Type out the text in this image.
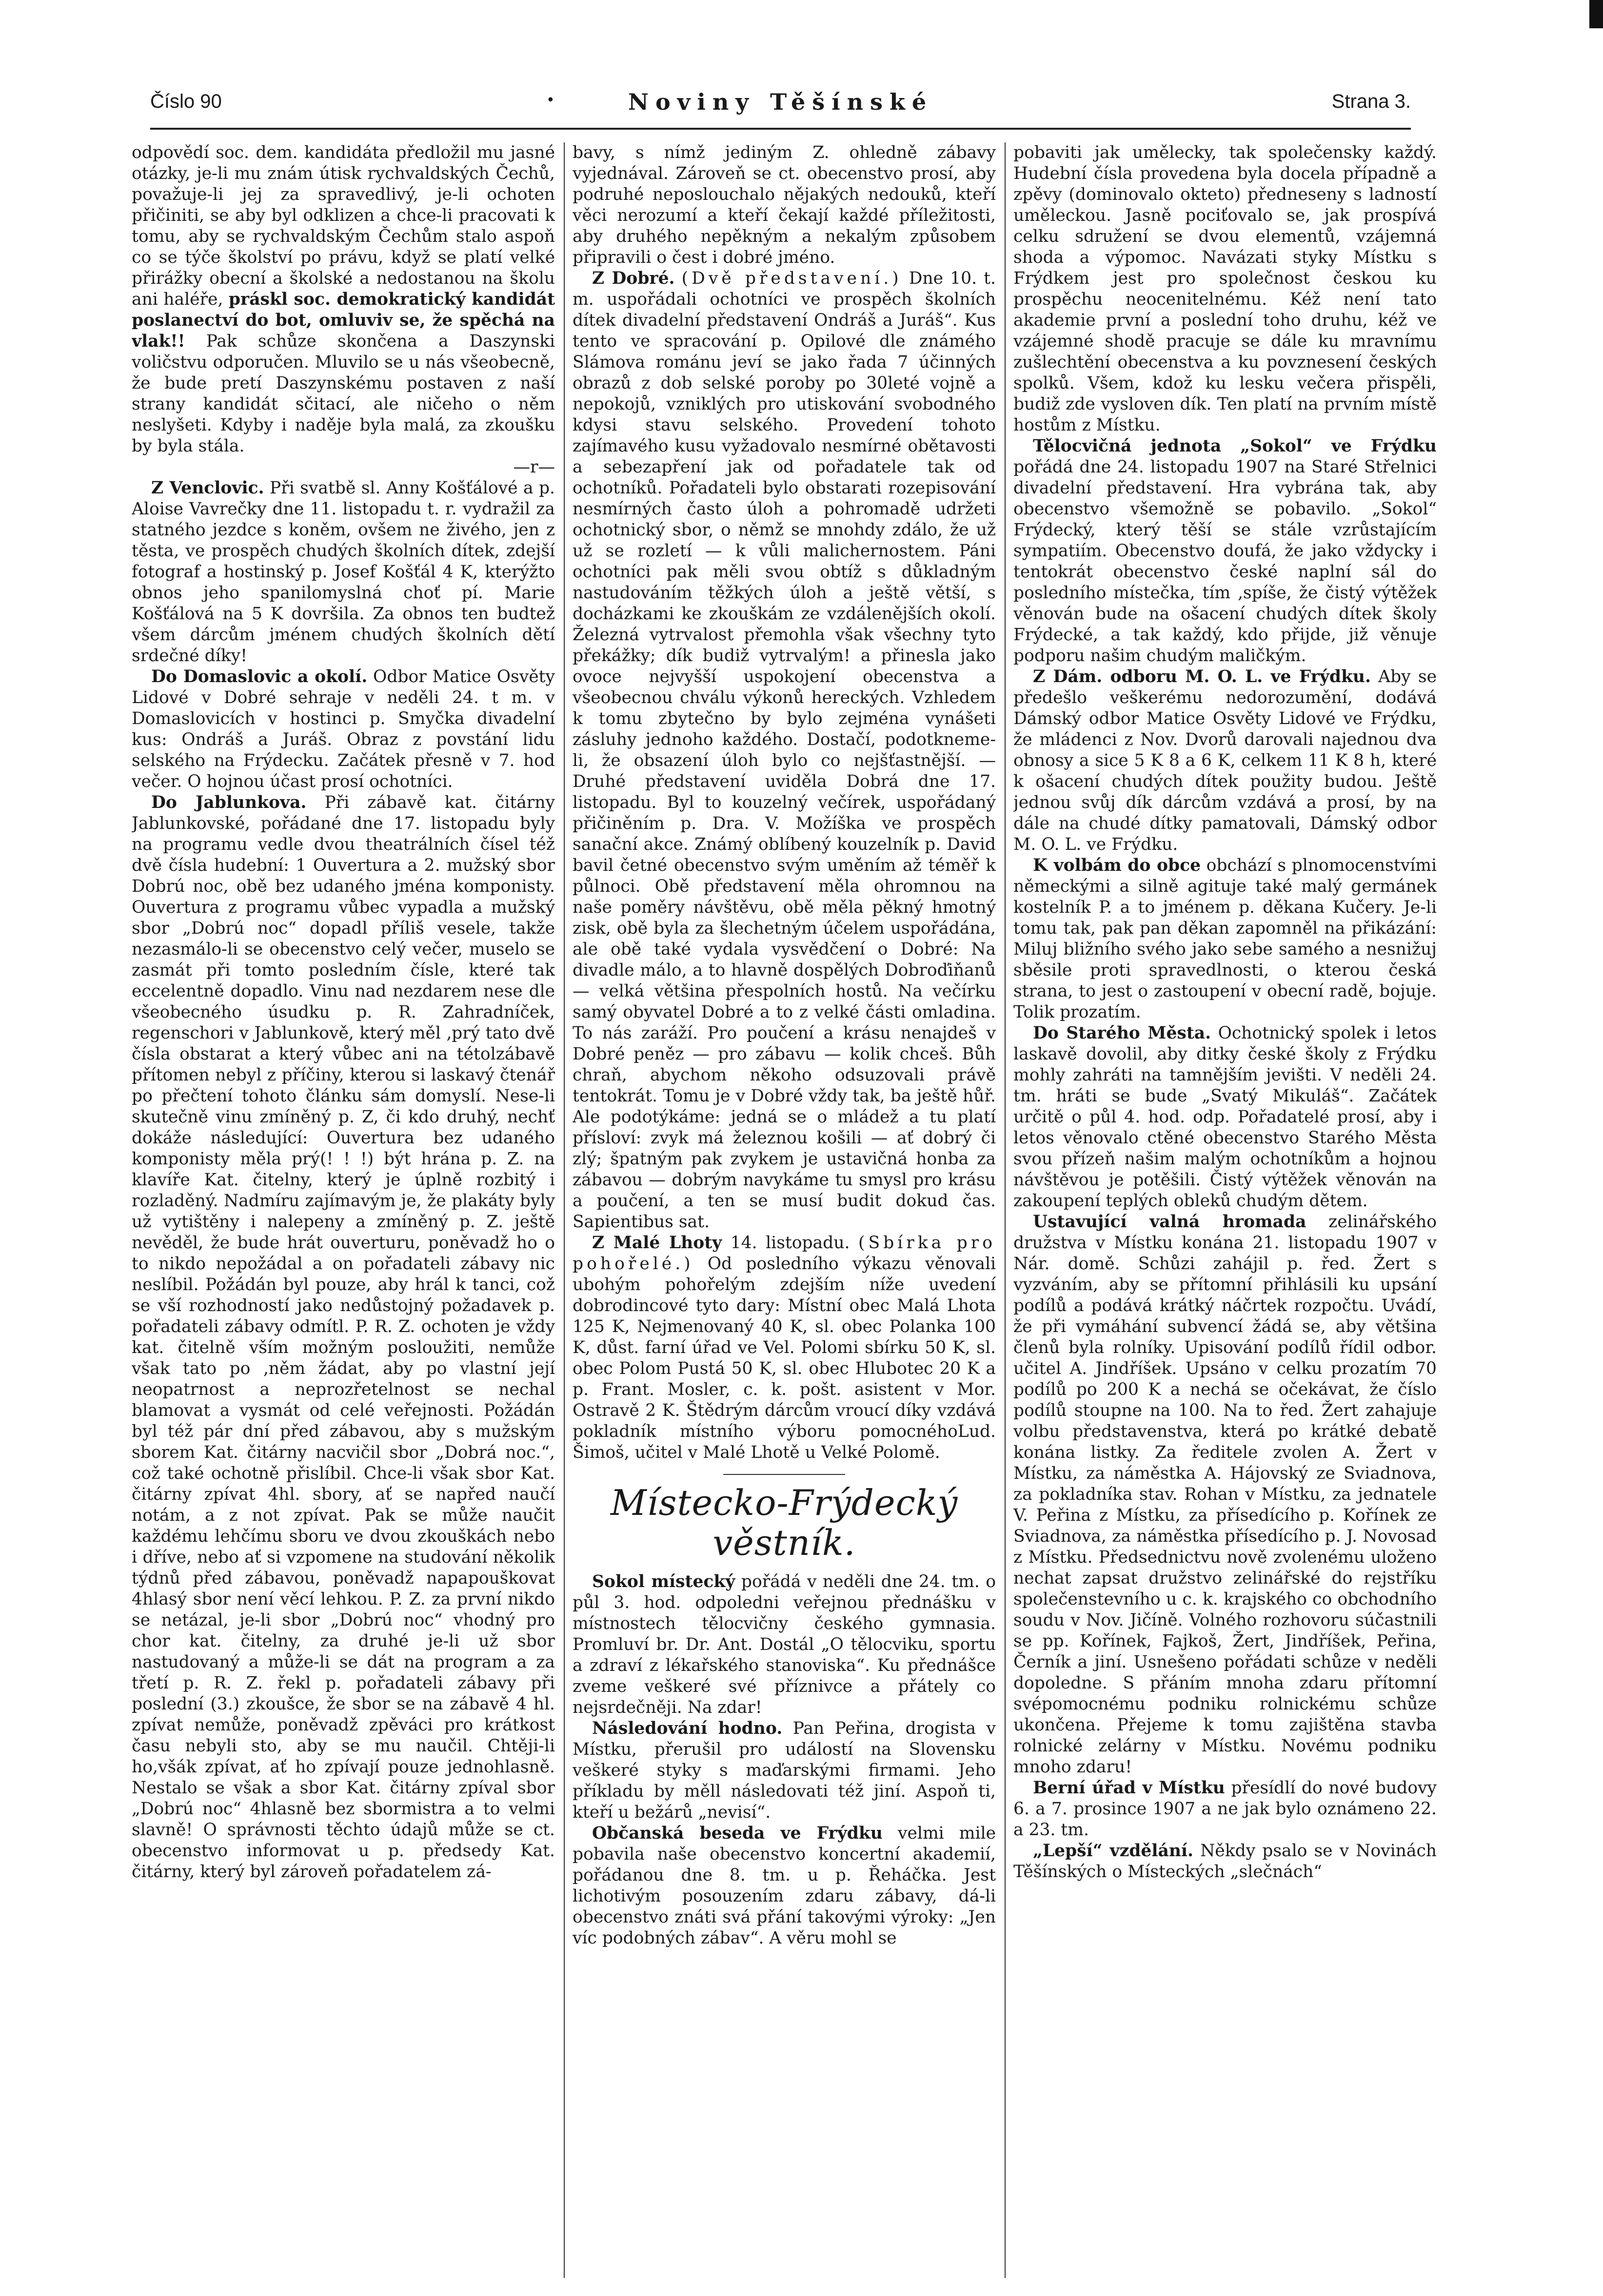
Číslo 90	•	Noviny Těšínské	Strana 3.

odpovědí soc. dem. kandidáta předložil mu jasné otázky, je-li mu znám útisk rychvaldských Čechů, považuje-li jej za spravedlivý, je-li ochoten přičiniti, se aby byl odklizen a chce-li pracovati k tomu, aby se rychvaldským Čechům stalo aspoň co se týče školství po právu, když se platí velké přirážky obecní a školské a nedostanou na školu ani haléře, práskl soc. demokratický kandidát poslanectví do bot, omluviv se, že spěchá na vlak!! Pak schůze skončena a Daszynski voličstvu odporučen. Mluvilo se u nás všeobecně, že bude pretí Daszynskému postaven z naší strany kandidát sčitací, ale ničeho o něm neslyšeti. Kdyby i naděje byla malá, za zkoušku by byla stála.

—r—

Z Venclovic. Při svatbě sl. Anny Košťálové a p. Aloise Vavrečky dne 11. listopadu t. r. vydražil za statného jezdce s koněm, ovšem ne živého, jen z těsta, ve prospěch chudých školních dítek, zdejší fotograf a hostinský p. Josef Košťál 4 K, kterýžto obnos jeho spanilomyslná choť pí. Marie Košťálová na 5 K dovršila. Za obnos ten budtež všem dárcům jménem chudých školních dětí srdečné díky!

Do Domaslovic a okolí. Odbor Matice Osvěty Lidové v Dobré sehraje v neděli 24. t m. v Domaslovicích v hostinci p. Smyčka divadelní kus: Ondráš a Juráš. Obraz z povstání lidu selského na Frýdecku. Začátek přesně v 7. hod večer. O hojnou účast prosí ochotníci.

Do Jablunkova. Při zábavě kat. čitárny Jablunkovské, pořádané dne 17. listopadu byly na programu vedle dvou theatrálních čísel též dvě čísla hudební: 1 Ouvertura a 2. mužský sbor Dobrú noc, obě bez udaného jména komponisty. Ouvertura z programu vůbec vypadla a mužský sbor „Dobrú noc“ dopadl příliš vesele, takže nezasmálo-li se obecenstvo celý večer, muselo se zasmát při tomto posledním čísle, které tak eccelentně dopadlo. Vinu nad nezdarem nese dle všeobecného úsudku p. R. Zahradníček, regenschori v Jablunkově, který měl ‚prý tato dvě čísla obstarat a který vůbec ani na tétolzábavě přítomen nebyl z příčiny, kterou si laskavý čtenář po přečtení tohoto článku sám domyslí. Nese-li skutečně vinu zmíněný p. Z, či kdo druhý, nechť dokáže následující: Ouvertura bez udaného komponisty měla prý(! ! !) být hrána p. Z. na klavíře Kat. čitelny, který je úplně rozbitý i rozladěný. Nadmíru zajímavým je, že plakáty byly už vytištěny i nalepeny a zmíněný p. Z. ještě nevěděl, že bude hrát ouverturu, poněvadž ho o to nikdo nepožádal a on pořadateli zábavy nic neslíbil. Požádán byl pouze, aby hrál k tanci, což se vší rozhodností jako nedůstojný požadavek p. pořadateli zábavy odmítl. P. R. Z. ochoten je vždy kat. čitelně vším možným posloužiti, nemůže však tato po ‚něm žádat, aby po vlastní její neopatrnost a neprozřetelnost se nechal blamovat a vysmát od celé veřejnosti. Požádán byl též pár dní před zábavou, aby s mužským sborem Kat. čitárny nacvičil sbor „Dobrá noc.“, což také ochotně přislíbil. Chce-li však sbor Kat. čitárny zpívat 4hl. sbory, ať se napřed naučí notám, a z not zpívat. Pak se může naučit každému lehčímu sboru ve dvou zkouškách nebo i dříve, nebo ať si vzpomene na studování několik týdnů před zábavou, poněvadž napapouškovat 4hlasý sbor není věcí lehkou. P. Z. za první nikdo se netázal, je-li sbor „Dobrú noc“ vhodný pro chor kat. čitelny, za druhé je-li už sbor nastudovaný a může-li se dát na program a za třetí p. R. Z. řekl p. pořadateli zábavy při poslední (3.) zkoušce, že sbor se na zábavě 4 hl. zpívat nemůže, poněvadž zpěváci pro krátkost času nebyli sto, aby se mu naučil. Chtěji-li ho,všák zpívat, ať ho zpívají pouze jednohlasně. Nestalo se však a sbor Kat. čitárny zpíval sbor „Dobrú noc“ 4hlasně bez sbormistra a to velmi slavně! O správnosti těchto údajů může se ct. obecenstvo informovat u p. předsedy Kat. čitárny, který byl zároveň pořadatelem zá-

bavy, s nímž jediným Z. ohledně zábavy vyjednával. Zároveň se ct. obecenstvo prosí, aby podruhé neposlouchalo nějakých nedouků, kteří věci nerozumí a kteří čekají každé příležitosti, aby druhého nepěkným a nekalým způsobem připravili o čest i dobré jméno.

Z Dobré. (Dvě představení.) Dne 10. t. m. uspořádali ochotníci ve prospěch školních dítek divadelní představení Ondráš a Juráš“. Kus tento ve spracování p. Opilové dle známého Slámova románu jeví se jako řada 7 účinných obrazů z dob selské poroby po 30leté vojně a nepokojů, vzniklých pro utiskování svobodného kdysi stavu selského. Provedení tohoto zajímavého kusu vyžadovalo nesmírné obětavosti a sebezapření jak od pořadatele tak od ochotníků. Pořadateli bylo obstarati rozepisování nesmírných často úloh a pohromadě udržeti ochotnický sbor, o němž se mnohdy zdálo, že už už se rozletí — k vůli malichernostem. Páni ochotníci pak měli svou obtíž s důkladným nastudováním těžkých úloh a ještě větší, s docházkami ke zkouškám ze vzdálenějších okolí. Železná vytrvalost přemohla však všechny tyto překážky; dík budiž vytrvalým! a přinesla jako ovoce nejvyšší uspokojení obecenstva a všeobecnou chválu výkonů hereckých. Vzhledem k tomu zbytečno by bylo zejména vynášeti zásluhy jednoho každého. Dostačí, podotkneme-li, že obsazení úloh bylo co nejšťastnější. — Druhé představení uviděla Dobrá dne 17. listopadu. Byl to kouzelný večírek, uspořádaný přičiněním p. Dra. V. Možíška ve prospěch sanační akce. Známý oblíbený kouzelník p. David bavil četné obecenstvo svým uměním až téměř k půlnoci. Obě představení měla ohromnou na naše poměry návštěvu, obě měla pěkný hmotný zisk, obě byla za šlechetným účelem uspořádána, ale obě také vydala vysvědčení o Dobré: Na divadle málo, a to hlavně dospělých Dobroďiňanů — velká většina přespolních hostů. Na večírku samý obyvatel Dobré a to z velké části omladina. To nás zaráží. Pro poučení a krásu nenajdeš v Dobré peněz — pro zábavu — kolik chceš. Bůh chraň, abychom někoho odsuzovali právě tentokrát. Tomu je v Dobré vždy tak, ba ještě hůř. Ale podotýkáme: jedná se o mládež a tu platí přísloví: zvyk má železnou košili — ať dobrý či zlý; špatným pak zvykem je ustavičná honba za zábavou — dobrým navykáme tu smysl pro krásu a poučení, a ten se musí budit dokud čas. Sapientibus sat.

Z Malé Lhoty 14. listopadu. (Sbírka pro pohořelé.) Od posledního výkazu věnovali ubohým pohořelým zdejším níže uvedení dobrodincové tyto dary: Místní obec Malá Lhota 125 K, Nejmenovaný 40 K, sl. obec Polanka 100 K, důst. farní úřad ve Vel. Polomi sbírku 50 K, sl. obec Polom Pustá 50 K, sl. obec Hlubotec 20 K a p. Frant. Mosler, c. k. pošt. asistent v Mor. Ostravě 2 K. Štědrým dárcům vroucí díky vzdává pokladník místního výboru pomocnéhoLud. Šimoš, učitel v Malé Lhotě u Velké Polomě.

Místecko-Frýdecký věstník.

Sokol místecký pořádá v neděli dne 24. tm. o půl 3. hod. odpoledni veřejnou přednášku v místnostech tělocvičny českého gymnasia. Promluví br. Dr. Ant. Dostál „O tělocviku, sportu a zdraví z lékařského stanoviska“. Ku přednášce zveme veškeré své příznivce a přátely co nejsrdečněji. Na zdar!

Následování hodno. Pan Peřina, drogista v Místku, přerušil pro událostí na Slovensku veškeré styky s maďarskými firmami. Jeho příkladu by měll následovati též jiní. Aspoň ti, kteří u bežárů „nevisí“.

Občanská beseda ve Frýdku velmi mile pobavila naše obecenstvo koncertní akademií, pořádanou dne 8. tm. u p. Řeháčka. Jest lichotivým posouzením zdaru zábavy, dá-li obecenstvo znáti svá přání takovými výroky: „Jen víc podobných zábav“. A věru mohl se

pobaviti jak umělecky, tak společensky každý. Hudební čísla provedena byla docela případně a zpěvy (dominovalo okteto) předneseny s ladností uměleckou. Jasně pociťovalo se, jak prospívá celku sdružení se dvou elementů, vzájemná shoda a výpomoc. Navázati styky Místku s Frýdkem jest pro společnost českou ku prospěchu neocenitelnému. Kéž není tato akademie první a poslední toho druhu, kéž ve vzájemné shodě pracuje se dále ku mravnímu zušlechtění obecenstva a ku povznesení českých spolků. Všem, kdož ku lesku večera přispěli, budiž zde vysloven dík. Ten platí na prvním místě hostům z Místku.

Tělocvičná jednota „Sokol“ ve Frýdku pořádá dne 24. listopadu 1907 na Staré Střelnici divadelní představení. Hra vybrána tak, aby obecenstvo všemožně se pobavilo. „Sokol“ Frýdecký, který těší se stále vzrůstajícím sympatiím. Obecenstvo doufá, že jako vždycky i tentokrát obecenstvo české naplní sál do posledního místečka, tím ‚spíše, že čistý výtěžek věnován bude na ošacení chudých dítek školy Frýdecké, a tak každý, kdo přijde, již věnuje podporu našim chudým maličkým.

Z Dám. odboru M. O. L. ve Frýdku. Aby se předešlo veškerému nedorozumění, dodává Dámský odbor Matice Osvěty Lidové ve Frýdku, že mládenci z Nov. Dvorů darovali najednou dva obnosy a sice 5 K 8 a 6 K, celkem 11 K 8 h, které k ošacení chudých dítek použity budou. Ještě jednou svůj dík dárcům vzdává a prosí, by na dále na chudé dítky pamatovali, Dámský odbor M. O. L. ve Frýdku.

K volbám do obce obchází s plnomocenstvími německými a silně agituje také malý germánek kostelník P. a to jménem p. děkana Kučery. Je-li tomu tak, pak pan děkan zapomněl na přikázání: Miluj bližního svého jako sebe samého a nesnižuj sběsile proti spravedlnosti, o kterou česká strana, to jest o zastoupení v obecní radě, bojuje. Tolik prozatím.

Do Starého Města. Ochotnický spolek i letos laskavě dovolil, aby ditky české školy z Frýdku mohly zahráti na tamnějším jevišti. V neděli 24. tm. hráti se bude „Svatý Mikuláš“. Začátek určitě o půl 4. hod. odp. Pořadatelé prosí, aby i letos věnovalo ctěné obecenstvo Starého Města svou přízeň našim malým ochotníkům a hojnou návštěvou je potěšili. Čistý výtěžek věnován na zakoupení teplých obleků chudým dětem.

Ustavující valná hromada zelinářského družstva v Místku konána 21. listopadu 1907 v Nár. domě. Schůzi zahájil p. řed. Žert s vyzváním, aby se přítomní přihlásili ku upsání podílů a podává krátký náčrtek rozpočtu. Uvádí, že při vymáhání subvencí žádá se, aby většina členů byla rolníky. Upisování podílů řídil odbor. učitel A. Jindříšek. Upsáno v celku prozatím 70 podílů po 200 K a nechá se očekávat, že číslo podílů stoupne na 100. Na to řed. Žert zahajuje volbu představenstva, která po krátké debatě konána listky. Za ředitele zvolen A. Žert v Místku, za náměstka A. Hájovský ze Sviadnova, za pokladníka stav. Rohan v Místku, za jednatele V. Peřina z Místku, za přísedícího p. Kořínek ze Sviadnova, za náměstka přísedícího p. J. Novosad z Místku. Předsednictvu nově zvolenému uloženo nechat zapsat družstvo zelinářské do rejstříku společenstevního u c. k. krajského co obchodního soudu v Nov. Jičíně. Volného rozhovoru súčastnili se pp. Kořínek, Fajkoš, Žert, Jindříšek, Peřina, Černík a jiní. Usnešeno pořádati schůze v neděli dopoledne. S přáním mnoha zdaru přítomní svépomocnému podniku rolnickému schůze ukončena. Přejeme k tomu zajištěna stavba rolnické zelárny v Místku. Novému podniku mnoho zdaru!

Berní úřad v Místku přesídlí do nové budovy 6. a 7. prosince 1907 a ne jak bylo oznámeno 22. a 23. tm.

„Lepší“ vzdělání. Někdy psalo se v Novinách Těšínských o Místeckých „slečnách“
